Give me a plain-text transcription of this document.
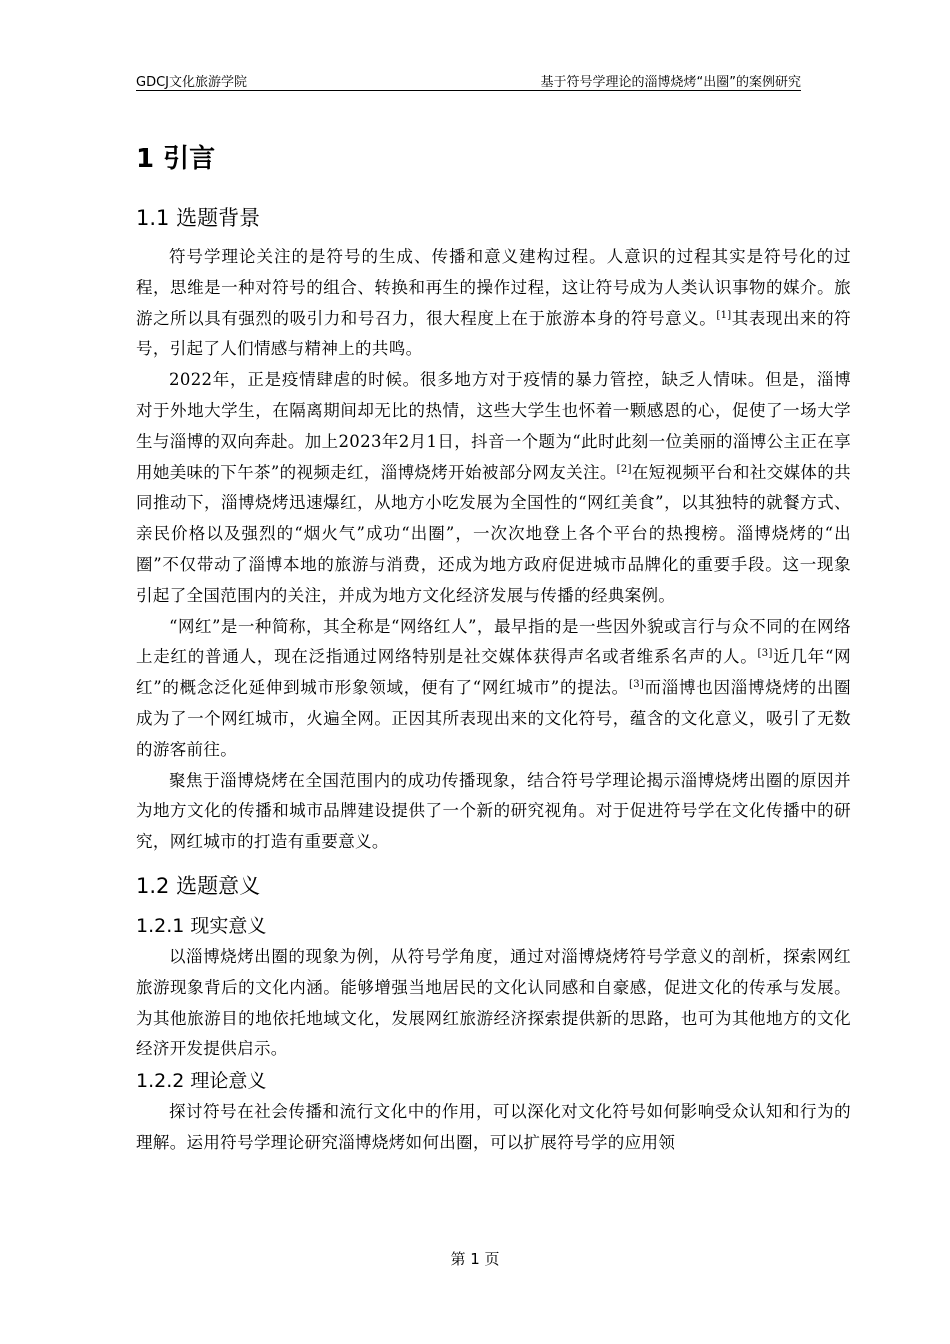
GDCJ文化旅游学院	基于符号学理论的淄博烧烤“出圈”的案例研究
1 引言
1.1 选题背景

符号学理论关注的是符号的生成、传播和意义建构过程。人意识的过程其实是符号化的过程，思维是一种对符号的组合、转换和再生的操作过程，这让符号成为人类认识事物的媒介。旅游之所以具有强烈的吸引力和号召力，很大程度上在于旅游本身的符号意义。[1]其表现出来的符号，引起了人们情感与精神上的共鸣。

2022年，正是疫情肆虐的时候。很多地方对于疫情的暴力管控，缺乏人情味。但是，淄博对于外地大学生，在隔离期间却无比的热情，这些大学生也怀着一颗感恩的心，促使了一场大学生与淄博的双向奔赴。加上2023年2月1日，抖音一个题为“此时此刻一位美丽的淄博公主正在享用她美味的下午茶”的视频走红，淄博烧烤开始被部分网友关注。[2]在短视频平台和社交媒体的共同推动下，淄博烧烤迅速爆红，从地方小吃发展为全国性的“网红美食”，以其独特的就餐方式、亲民价格以及强烈的“烟火气”成功“出圈”，一次次地登上各个平台的热搜榜。淄博烧烤的“出圈”不仅带动了淄博本地的旅游与消费，还成为地方政府促进城市品牌化的重要手段。这一现象引起了全国范围内的关注，并成为地方文化经济发展与传播的经典案例。

“网红”是一种简称，其全称是“网络红人”，最早指的是一些因外貌或言行与众不同的在网络上走红的普通人，现在泛指通过网络特别是社交媒体获得声名或者维系名声的人。[3]近几年“网红”的概念泛化延伸到城市形象领域，便有了“网红城市”的提法。[3]而淄博也因淄博烧烤的出圈成为了一个网红城市，火遍全网。正因其所表现出来的文化符号，蕴含的文化意义，吸引了无数的游客前往。

聚焦于淄博烧烤在全国范围内的成功传播现象，结合符号学理论揭示淄博烧烤出圈的原因并为地方文化的传播和城市品牌建设提供了一个新的研究视角。对于促进符号学在文化传播中的研究，网红城市的打造有重要意义。

1.2 选题意义
1.2.1 现实意义

以淄博烧烤出圈的现象为例，从符号学角度，通过对淄博烧烤符号学意义的剖析，探索网红旅游现象背后的文化内涵。能够增强当地居民的文化认同感和自豪感，促进文化的传承与发展。为其他旅游目的地依托地域文化，发展网红旅游经济探索提供新的思路，也可为其他地方的文化经济开发提供启示。

1.2.2 理论意义

探讨符号在社会传播和流行文化中的作用，可以深化对文化符号如何影响受众认知和行为的理解。运用符号学理论研究淄博烧烤如何出圈，可以扩展符号学的应用领

第 1 页
